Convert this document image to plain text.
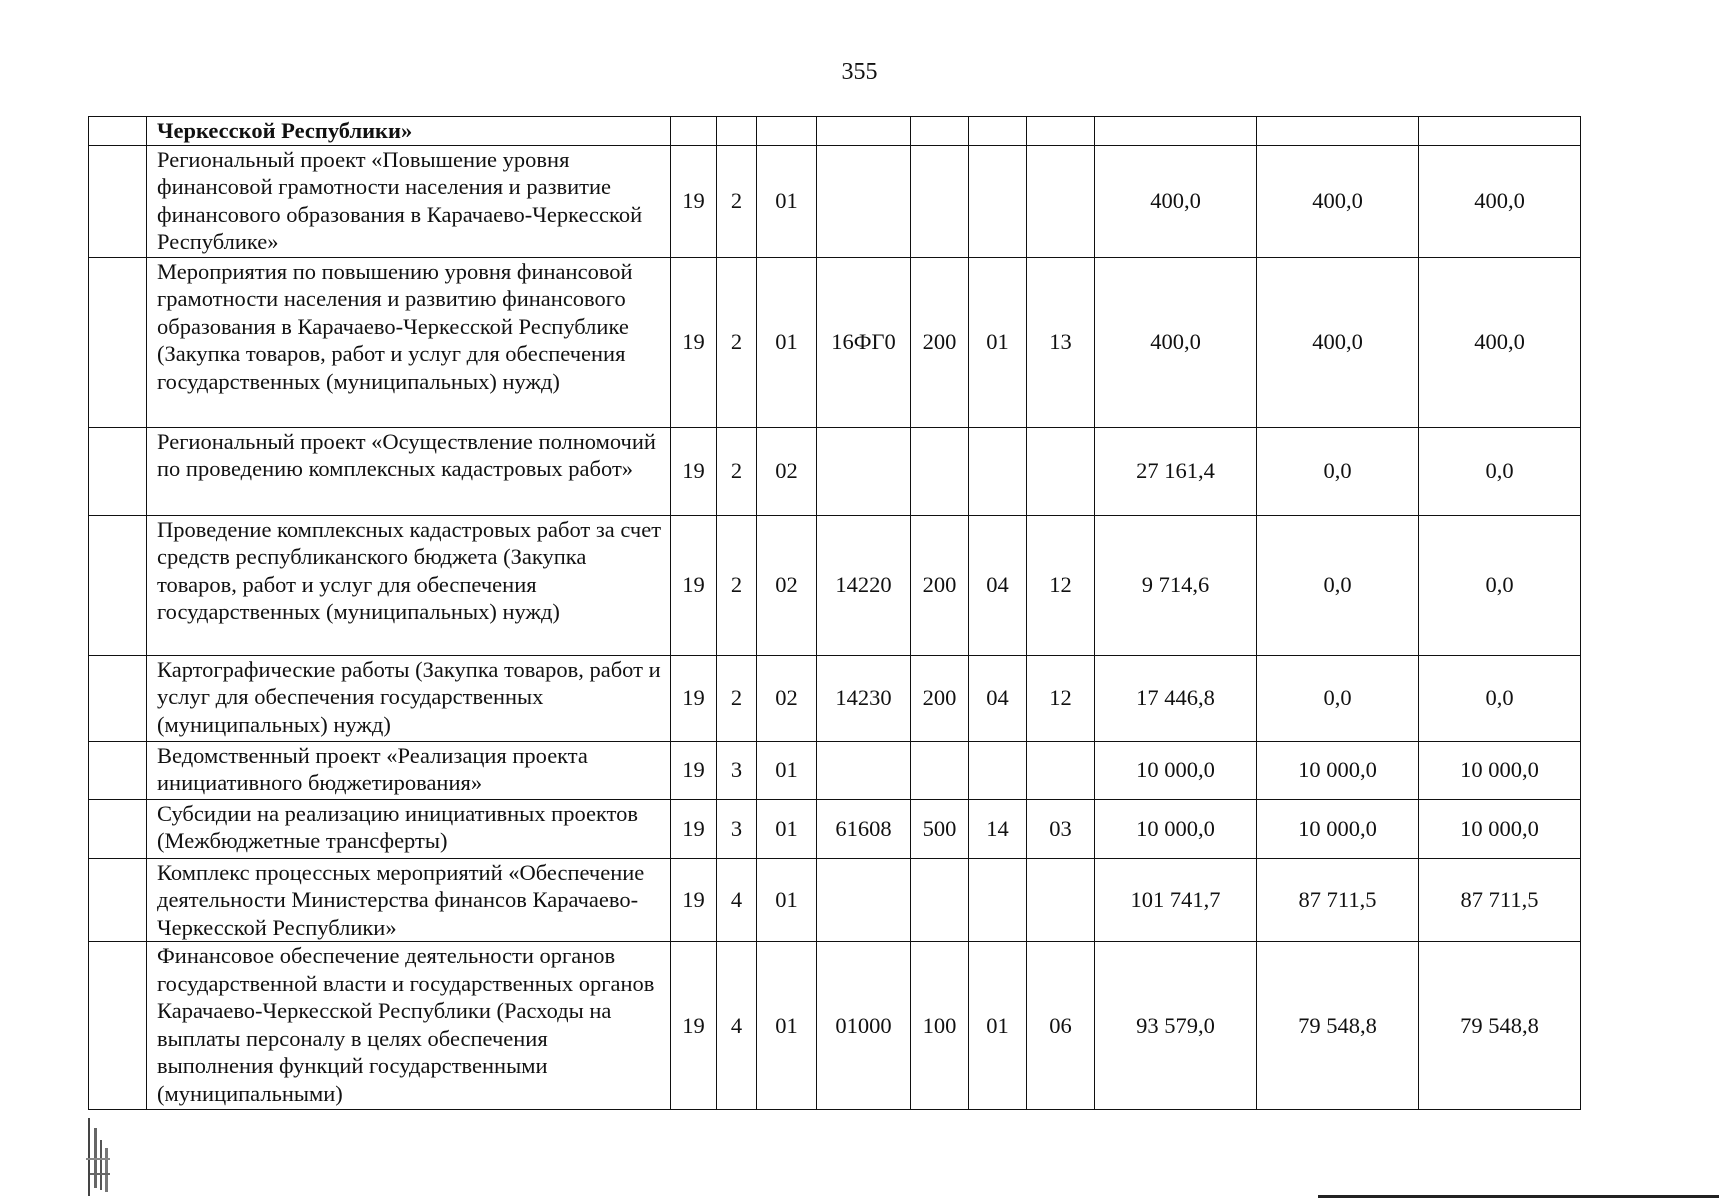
355
	Черкесской Республики»										
	Региональный проект «Повышение уровня финансовой грамотности населения и развитие финансового образования в Карачаево-Черкесской Республике»	19	2	01					400,0	400,0	400,0
	Мероприятия по повышению уровня финансовой грамотности населения и развитию финансового образования в Карачаево-Черкесской Республике (Закупка товаров, работ и услуг для обеспечения государственных (муниципальных) нужд)	19	2	01	16ФГ0	200	01	13	400,0	400,0	400,0
	Региональный проект «Осуществление полномочий по проведению комплексных кадастровых работ»	19	2	02					27 161,4	0,0	0,0
	Проведение комплексных кадастровых работ за счет средств республиканского бюджета (Закупка товаров, работ и услуг для обеспечения государственных (муниципальных) нужд)	19	2	02	14220	200	04	12	9 714,6	0,0	0,0
	Картографические работы (Закупка товаров, работ и услуг для обеспечения государственных (муниципальных) нужд)	19	2	02	14230	200	04	12	17 446,8	0,0	0,0
	Ведомственный проект «Реализация проекта инициативного бюджетирования»	19	3	01					10 000,0	10 000,0	10 000,0
	Субсидии на реализацию инициативных проектов (Межбюджетные трансферты)	19	3	01	61608	500	14	03	10 000,0	10 000,0	10 000,0
	Комплекс процессных мероприятий «Обеспечение деятельности Министерства финансов Карачаево-Черкесской Республики»	19	4	01					101 741,7	87 711,5	87 711,5
	Финансовое обеспечение деятельности органов государственной власти и государственных органов Карачаево-Черкесской Республики (Расходы на выплаты персоналу в целях обеспечения выполнения функций государственными (муниципальными)	19	4	01	01000	100	01	06	93 579,0	79 548,8	79 548,8
